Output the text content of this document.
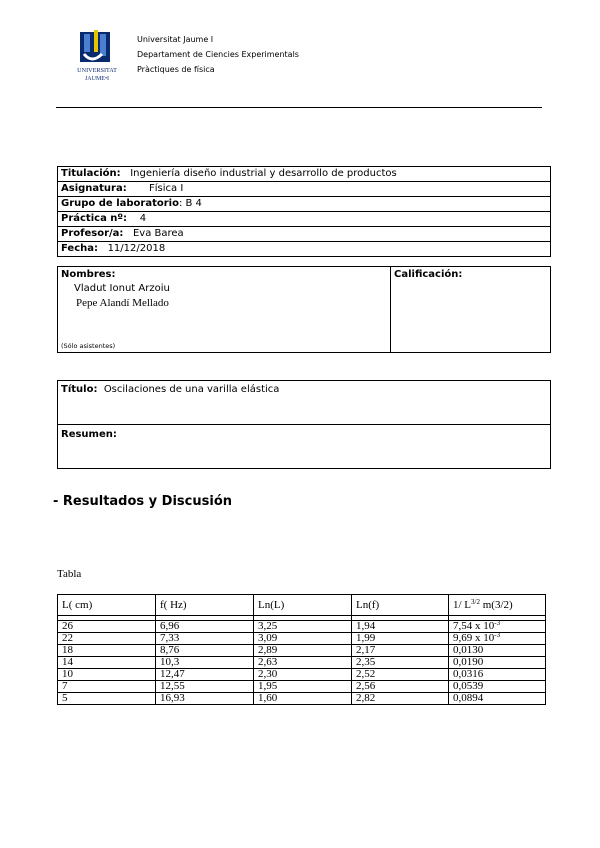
UNIVERSITAT
JAUME•I
Universitat Jaume I
Departament de Ciencies Experimentals
Pràctiques de física
Titulación: Ingeniería diseño industrial y desarrollo de productos
Asignatura: Física I
Grupo de laboratorio: B 4
Práctica nº: 4
Profesor/a: Eva Barea
Fecha: 11/12/2018
Nombres:
Vladut Ionut Arzoiu
Pepe Alandí Mellado
(Sólo asistentes)
Calificación:
Título: Oscilaciones de una varilla elástica
Resumen:
- Resultados y Discusión
Tabla
L( cm)	f( Hz)	Ln(L)	Ln(f)	1/ $L^{3/2}$ m(3/2)

26	6,96	3,25	1,94	7,54 x $10^{-3}$
22	7,33	3,09	1,99	9,69 x $10^{-3}$
18	8,76	2,89	2,17	0,0130
14	10,3	2,63	2,35	0,0190
10	12,47	2,30	2,52	0,0316
7	12,55	1,95	2,56	0,0539
5	16,93	1,60	2,82	0,0894
